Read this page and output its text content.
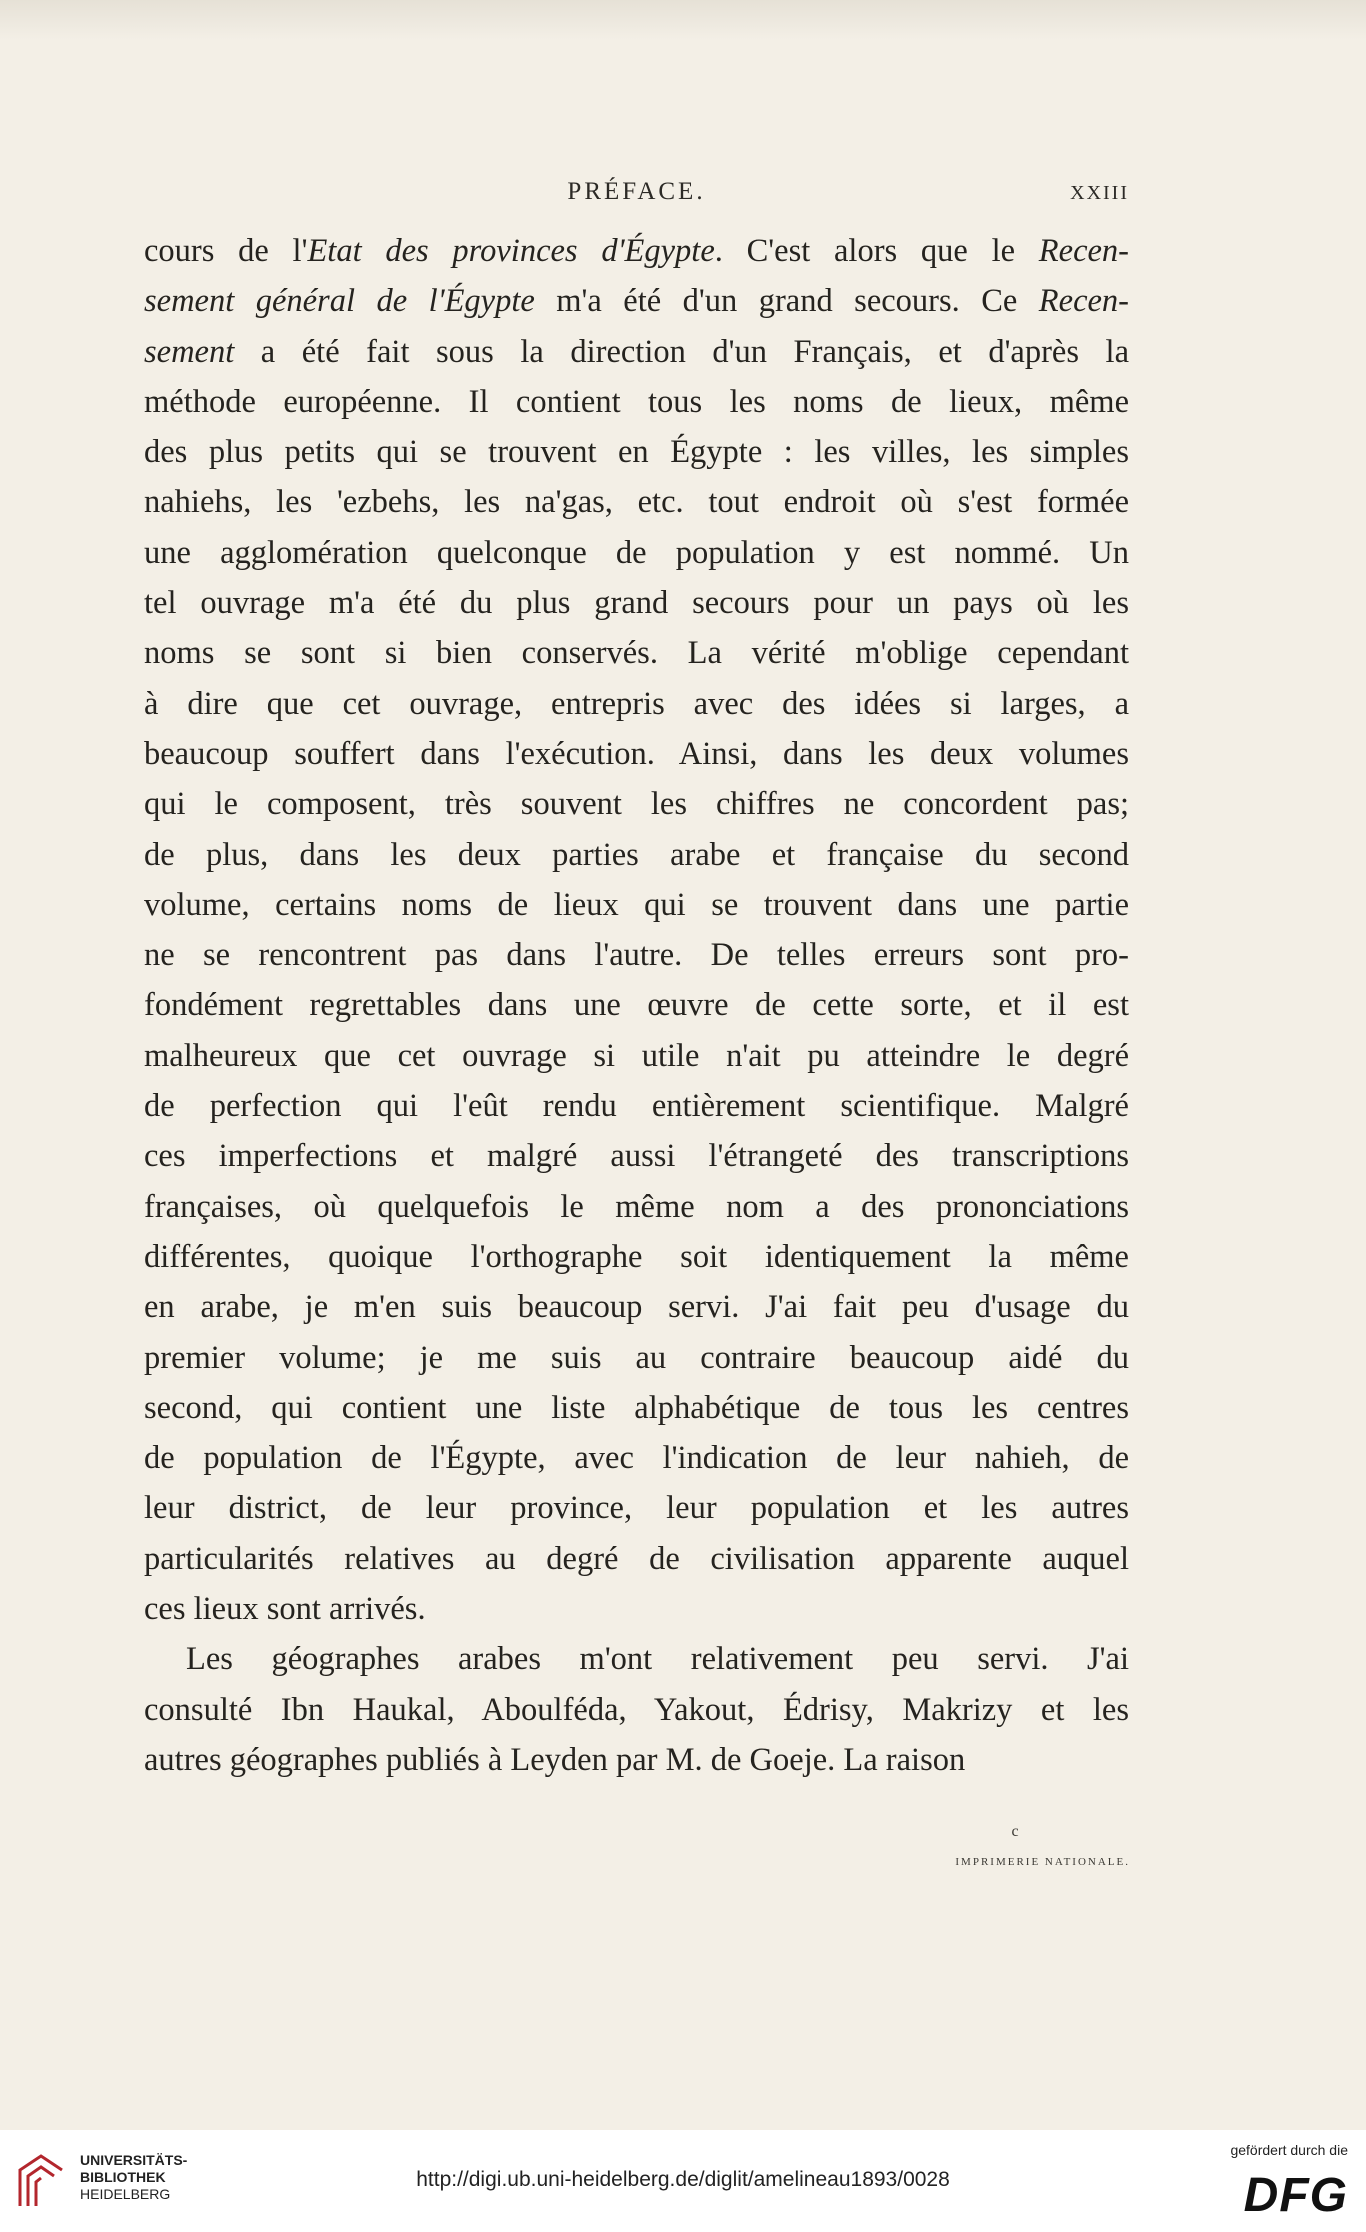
PRÉFACE.	XXIII
cours de l'Etat des provinces d'Égypte. C'est alors que le Recen-
sement général de l'Égypte m'a été d'un grand secours. Ce Recen-
sement a été fait sous la direction d'un Français, et d'après la
méthode européenne. Il contient tous les noms de lieux, même
des plus petits qui se trouvent en Égypte : les villes, les simples
nahiehs, les 'ezbehs, les na'gas, etc. tout endroit où s'est formée
une agglomération quelconque de population y est nommé. Un
tel ouvrage m'a été du plus grand secours pour un pays où les
noms se sont si bien conservés. La vérité m'oblige cependant
à dire que cet ouvrage, entrepris avec des idées si larges, a
beaucoup souffert dans l'exécution. Ainsi, dans les deux volumes
qui le composent, très souvent les chiffres ne concordent pas;
de plus, dans les deux parties arabe et française du second
volume, certains noms de lieux qui se trouvent dans une partie
ne se rencontrent pas dans l'autre. De telles erreurs sont pro-
fondément regrettables dans une œuvre de cette sorte, et il est
malheureux que cet ouvrage si utile n'ait pu atteindre le degré
de perfection qui l'eût rendu entièrement scientifique. Malgré
ces imperfections et malgré aussi l'étrangeté des transcriptions
françaises, où quelquefois le même nom a des prononciations
différentes, quoique l'orthographe soit identiquement la même
en arabe, je m'en suis beaucoup servi. J'ai fait peu d'usage du
premier volume; je me suis au contraire beaucoup aidé du
second, qui contient une liste alphabétique de tous les centres
de population de l'Égypte, avec l'indication de leur nahieh, de
leur district, de leur province, leur population et les autres
particularités relatives au degré de civilisation apparente auquel
ces lieux sont arrivés.
Les géographes arabes m'ont relativement peu servi. J'ai
consulté Ibn Haukal, Aboulféda, Yakout, Édrisy, Makrizy et les
autres géographes publiés à Leyden par M. de Goeje. La raison
c
IMPRIMERIE NATIONALE.
UNIVERSITÄTS-
BIBLIOTHEK
HEIDELBERG
http://digi.ub.uni-heidelberg.de/diglit/amelineau1893/0028
gefördert durch die
DFG
